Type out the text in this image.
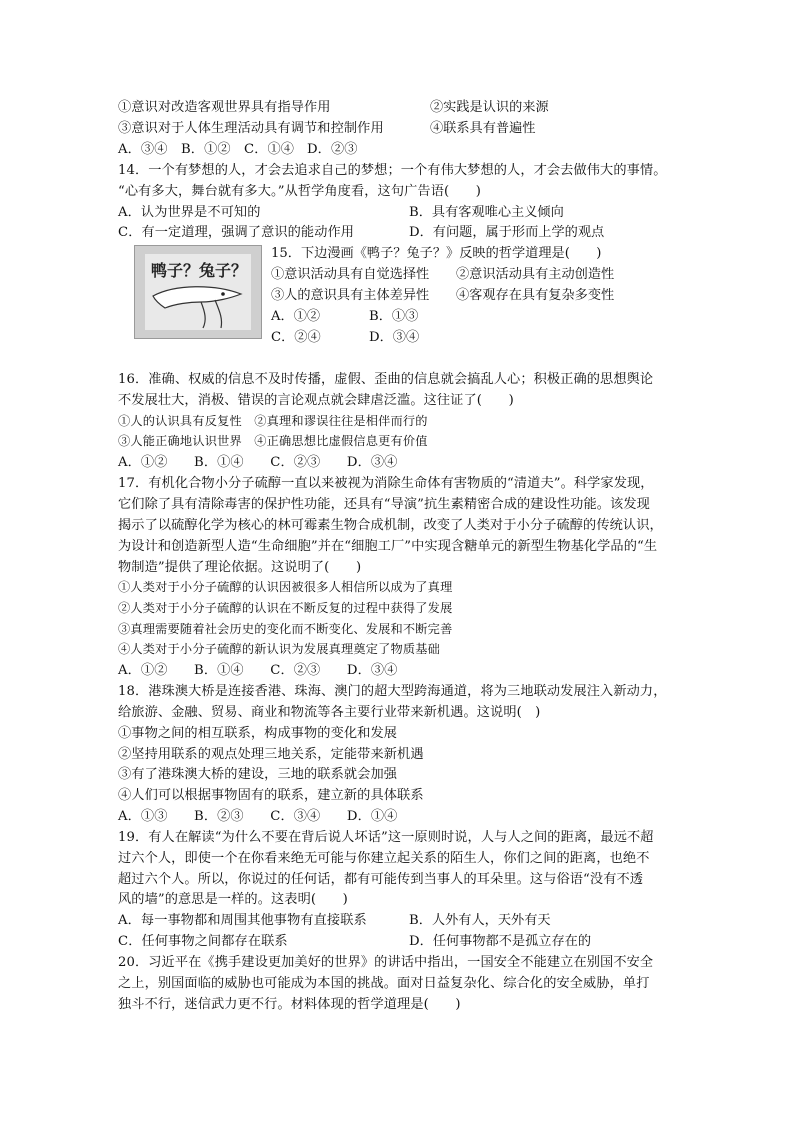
①意识对改造客观世界具有指导作用	②实践是认识的来源
③意识对于人体生理活动具有调节和控制作用	④联系具有普遍性
A．③④ B．①② C．①④ D．②③
14．一个有梦想的人，才会去追求自己的梦想；一个有伟大梦想的人，才会去做伟大的事情。
“心有多大，舞台就有多大。”从哲学角度看，这句广告语(　　)
A．认为世界是不可知的	B．具有客观唯心主义倾向
C．有一定道理，强调了意识的能动作用	D．有问题，属于形而上学的观点
鸭子？兔子？
15．下边漫画《鸭子？兔子？》反映的哲学道理是(　　)
①意识活动具有自觉选择性 ②意识活动具有主动创造性
③人的意识具有主体差异性 ④客观存在具有复杂多变性
A．①②	B．①③
C．②④	D．③④
16．准确、权威的信息不及时传播，虚假、歪曲的信息就会搞乱人心；积极正确的思想舆论
不发展壮大，消极、错误的言论观点就会肆虐泛滥。这往证了(　　)
①人的认识具有反复性　②真理和谬误往往是相伴而行的
③人能正确地认识世界　④正确思想比虚假信息更有价值
A．①②　　B．①④　　C．②③　　D．③④
17．有机化合物小分子硫醇一直以来被视为消除生命体有害物质的“清道夫”。科学家发现，
它们除了具有清除毒害的保护性功能，还具有“导演”抗生素精密合成的建设性功能。该发现
揭示了以硫醇化学为核心的林可霉素生物合成机制，改变了人类对于小分子硫醇的传统认识，
为设计和创造新型人造“生命细胞”并在“细胞工厂”中实现含糖单元的新型生物基化学品的“生
物制造”提供了理论依据。这说明了(　　)
①人类对于小分子硫醇的认识因被很多人相信所以成为了真理
②人类对于小分子硫醇的认识在不断反复的过程中获得了发展
③真理需要随着社会历史的变化而不断变化、发展和不断完善
④人类对于小分子硫醇的新认识为发展真理奠定了物质基础
A．①②　　B．①④　　C．②③　　D．③④
18．港珠澳大桥是连接香港、珠海、澳门的超大型跨海通道，将为三地联动发展注入新动力，
给旅游、金融、贸易、商业和物流等各主要行业带来新机遇。这说明(　)
①事物之间的相互联系，构成事物的变化和发展
②坚持用联系的观点处理三地关系，定能带来新机遇
③有了港珠澳大桥的建设，三地的联系就会加强
④人们可以根据事物固有的联系，建立新的具体联系
A．①③　　B．②③　　C．③④　　D．①④
19．有人在解读“为什么不要在背后说人坏话”这一原则时说，人与人之间的距离，最远不超
过六个人，即使一个在你看来绝无可能与你建立起关系的陌生人，你们之间的距离，也绝不
超过六个人。所以，你说过的任何话，都有可能传到当事人的耳朵里。这与俗语“没有不透
风的墙”的意思是一样的。这表明(　　)
A．每一事物都和周围其他事物有直接联系	B．人外有人，天外有天
C．任何事物之间都存在联系	D．任何事物都不是孤立存在的
20．习近平在《携手建设更加美好的世界》的讲话中指出，一国安全不能建立在别国不安全
之上，别国面临的威胁也可能成为本国的挑战。面对日益复杂化、综合化的安全威胁，单打
独斗不行，迷信武力更不行。材料体现的哲学道理是(　　)
